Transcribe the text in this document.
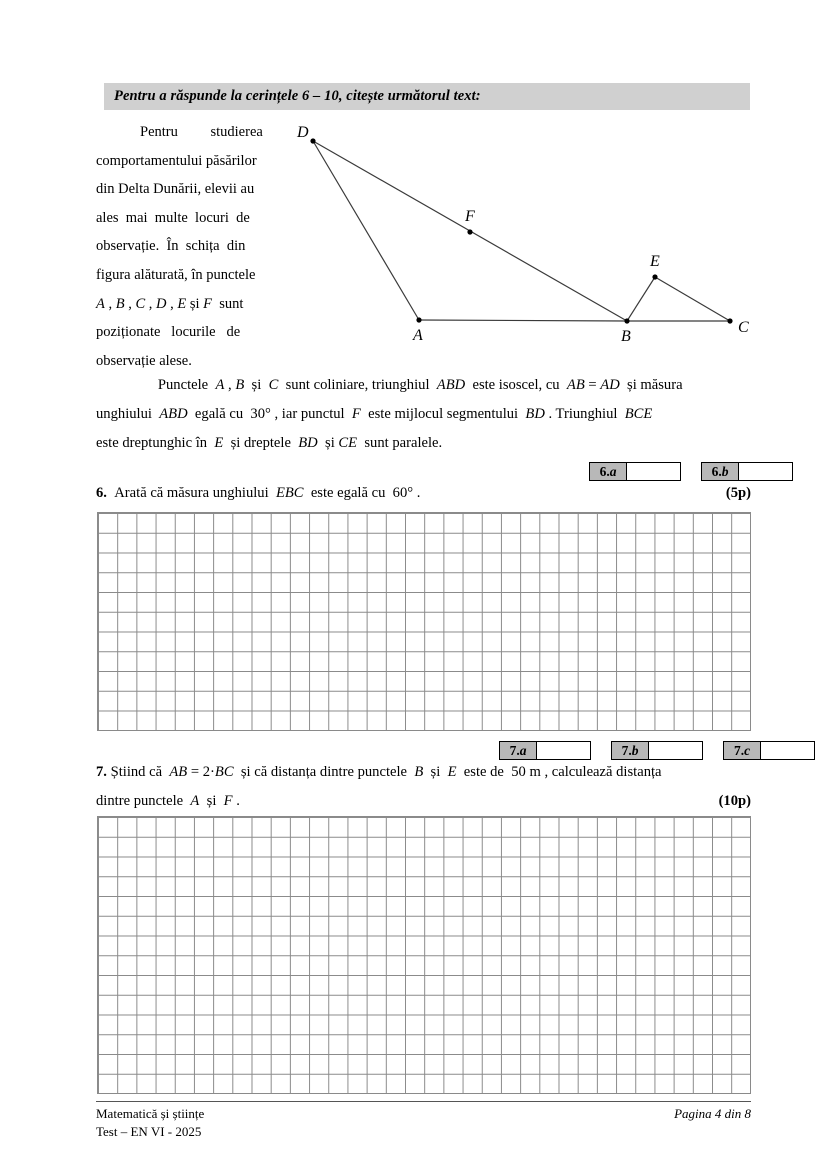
Pentru a răspunde la cerințele 6 – 10, citește următorul text:

Pentru         studierea
comportamentului păsărilor
din Delta Dunării, elevii au
ales  mai  multe  locuri  de
observație.  În  schița  din
figura alăturată, în punctele
A , B , C , D , E și F  sunt
poziționate   locurile   de
observație alese.

D
A	B
C
E
F

Punctele  A , B  și  C  sunt coliniare, triunghiul  ABD  este isoscel, cu  AB = AD  și măsura
unghiului  ABD  egală cu  30° , iar punctul  F  este mijlocul segmentului  BD . Triunghiul  BCE
este dreptunghic în  E  și dreptele  BD  și CE  sunt paralele.

6. a	6. b
(5p)
6.  Arată că măsura unghiului  EBC  este egală cu  60° .
7. a	7. b	7. c
7. Știind că  AB = 2·BC  și că distanța dintre punctele  B  și  E  este de  50 m , calculează distanța
(10p)
dintre punctele  A  și  F .
Matematică și științe
Test – EN VI - 2025
Pagina 4 din 8
